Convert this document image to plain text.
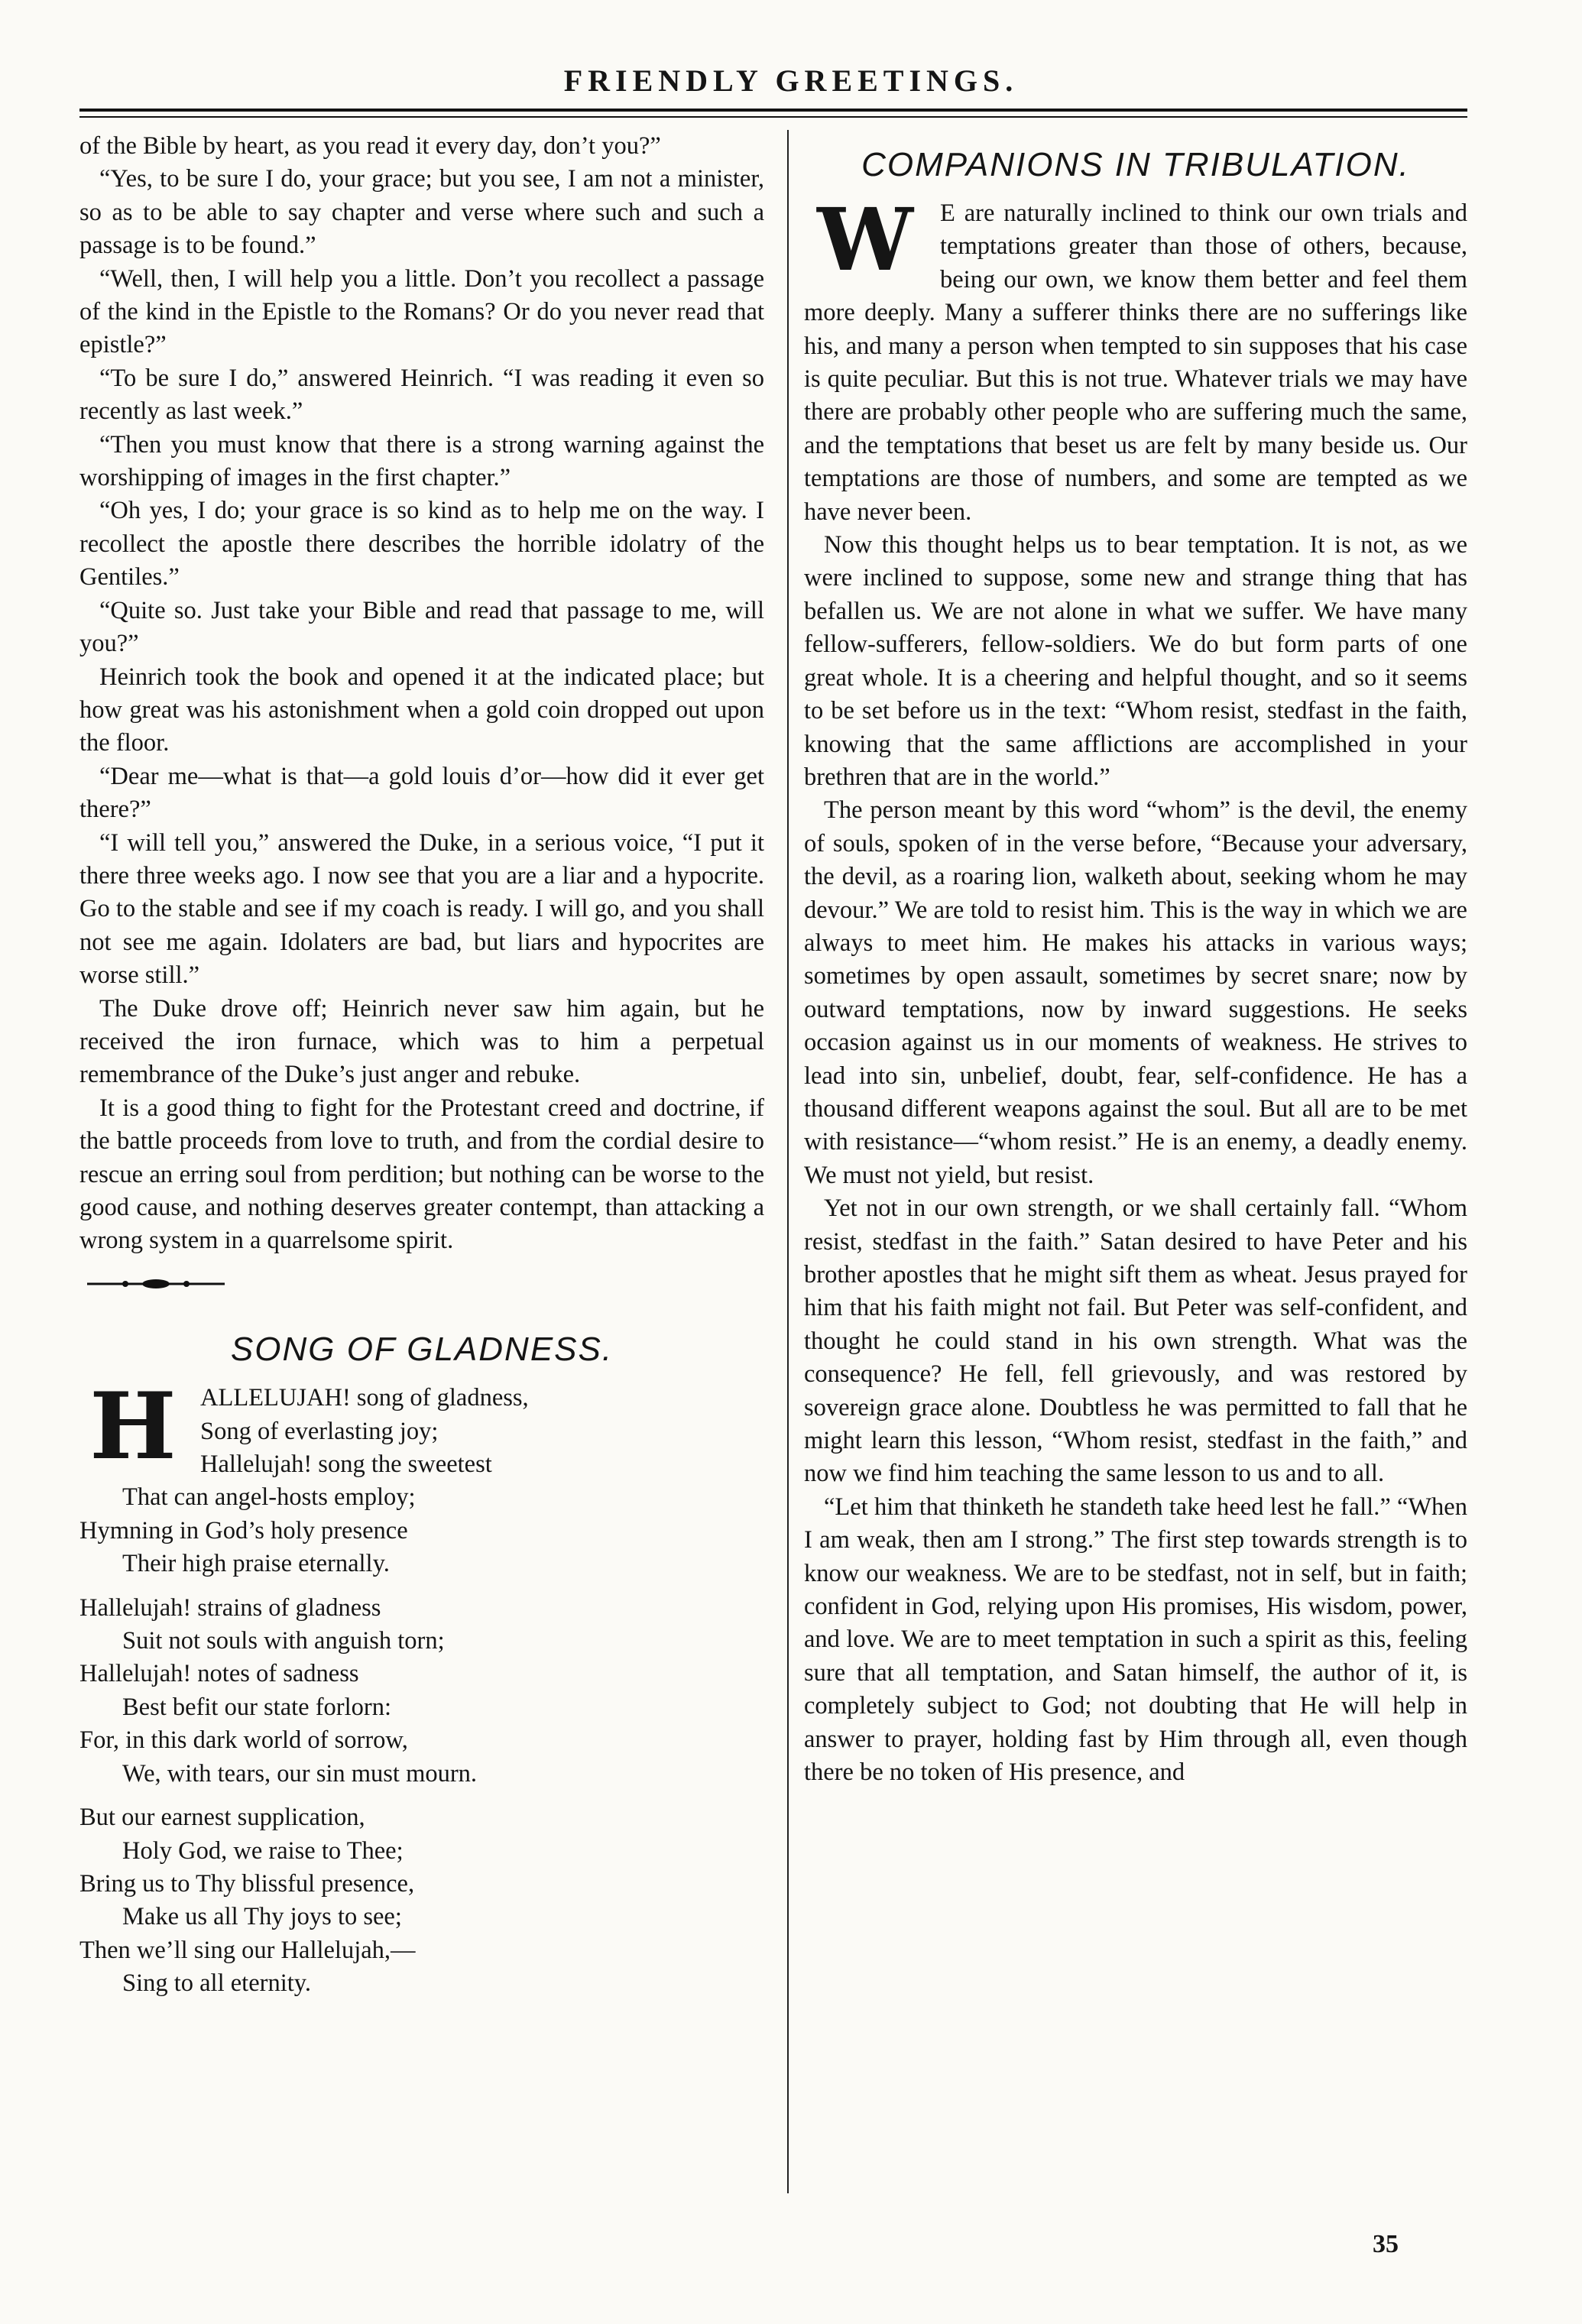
FRIENDLY GREETINGS.

of the Bible by heart, as you read it every day, don’t you?”

“Yes, to be sure I do, your grace; but you see, I am not a minister, so as to be able to say chapter and verse where such and such a passage is to be found.”

“Well, then, I will help you a little. Don’t you recollect a passage of the kind in the Epistle to the Romans? Or do you never read that epistle?”

“To be sure I do,” answered Heinrich. “I was reading it even so recently as last week.”

“Then you must know that there is a strong warning against the worshipping of images in the first chapter.”

“Oh yes, I do; your grace is so kind as to help me on the way. I recollect the apostle there describes the horrible idolatry of the Gentiles.”

“Quite so. Just take your Bible and read that passage to me, will you?”

Heinrich took the book and opened it at the indicated place; but how great was his astonishment when a gold coin dropped out upon the floor.

“Dear me—what is that—a gold louis d’or—how did it ever get there?”

“I will tell you,” answered the Duke, in a serious voice, “I put it there three weeks ago. I now see that you are a liar and a hypocrite. Go to the stable and see if my coach is ready. I will go, and you shall not see me again. Idolaters are bad, but liars and hypocrites are worse still.”

The Duke drove off; Heinrich never saw him again, but he received the iron furnace, which was to him a perpetual remembrance of the Duke’s just anger and rebuke.

It is a good thing to fight for the Protestant creed and doctrine, if the battle proceeds from love to truth, and from the cordial desire to rescue an erring soul from perdition; but nothing can be worse to the good cause, and nothing deserves greater contempt, than attacking a wrong system in a quarrelsome spirit.

SONG OF GLADNESS.
H ALLELUJAH! song of gladness,
Song of everlasting joy;
Hallelujah! song the sweetest
That can angel-hosts employ;
Hymning in God’s holy presence
Their high praise eternally.
Hallelujah! strains of gladness
Suit not souls with anguish torn;
Hallelujah! notes of sadness
Best befit our state forlorn:
For, in this dark world of sorrow,
We, with tears, our sin must mourn.
But our earnest supplication,
Holy God, we raise to Thee;
Bring us to Thy blissful presence,
Make us all Thy joys to see;
Then we’ll sing our Hallelujah,—
Sing to all eternity.
COMPANIONS IN TRIBULATION.

W	E are naturally inclined to think our own trials and temptations greater than those of others, because, being our own, we know them better and feel them more deeply. Many a sufferer thinks there are no sufferings like his, and many a person when tempted to sin supposes that his case is quite peculiar. But this is not true. Whatever trials we may have there are probably other people who are suffering much the same, and the temptations that beset us are felt by many beside us. Our temptations are those of numbers, and some are tempted as we have never been.

Now this thought helps us to bear temptation. It is not, as we were inclined to suppose, some new and strange thing that has befallen us. We are not alone in what we suffer. We have many fellow-sufferers, fellow-soldiers. We do but form parts of one great whole. It is a cheering and helpful thought, and so it seems to be set before us in the text: “Whom resist, stedfast in the faith, knowing that the same afflictions are accomplished in your brethren that are in the world.”

The person meant by this word “whom” is the devil, the enemy of souls, spoken of in the verse before, “Because your adversary, the devil, as a roaring lion, walketh about, seeking whom he may devour.” We are told to resist him. This is the way in which we are always to meet him. He makes his attacks in various ways; sometimes by open assault, sometimes by secret snare; now by outward temptations, now by inward suggestions. He seeks occasion against us in our moments of weakness. He strives to lead into sin, unbelief, doubt, fear, self-confidence. He has a thousand different weapons against the soul. But all are to be met with resistance—“whom resist.” He is an enemy, a deadly enemy. We must not yield, but resist.

Yet not in our own strength, or we shall certainly fall. “Whom resist, stedfast in the faith.” Satan desired to have Peter and his brother apostles that he might sift them as wheat. Jesus prayed for him that his faith might not fail. But Peter was self-confident, and thought he could stand in his own strength. What was the consequence? He fell, fell grievously, and was restored by sovereign grace alone. Doubtless he was permitted to fall that he might learn this lesson, “Whom resist, stedfast in the faith,” and now we find him teaching the same lesson to us and to all.

“Let him that thinketh he standeth take heed lest he fall.” “When I am weak, then am I strong.” The first step towards strength is to know our weakness. We are to be stedfast, not in self, but in faith; confident in God, relying upon His promises, His wisdom, power, and love. We are to meet temptation in such a spirit as this, feeling sure that all temptation, and Satan himself, the author of it, is completely subject to God; not doubting that He will help in answer to prayer, holding fast by Him through all, even though there be no token of His presence, and

35
